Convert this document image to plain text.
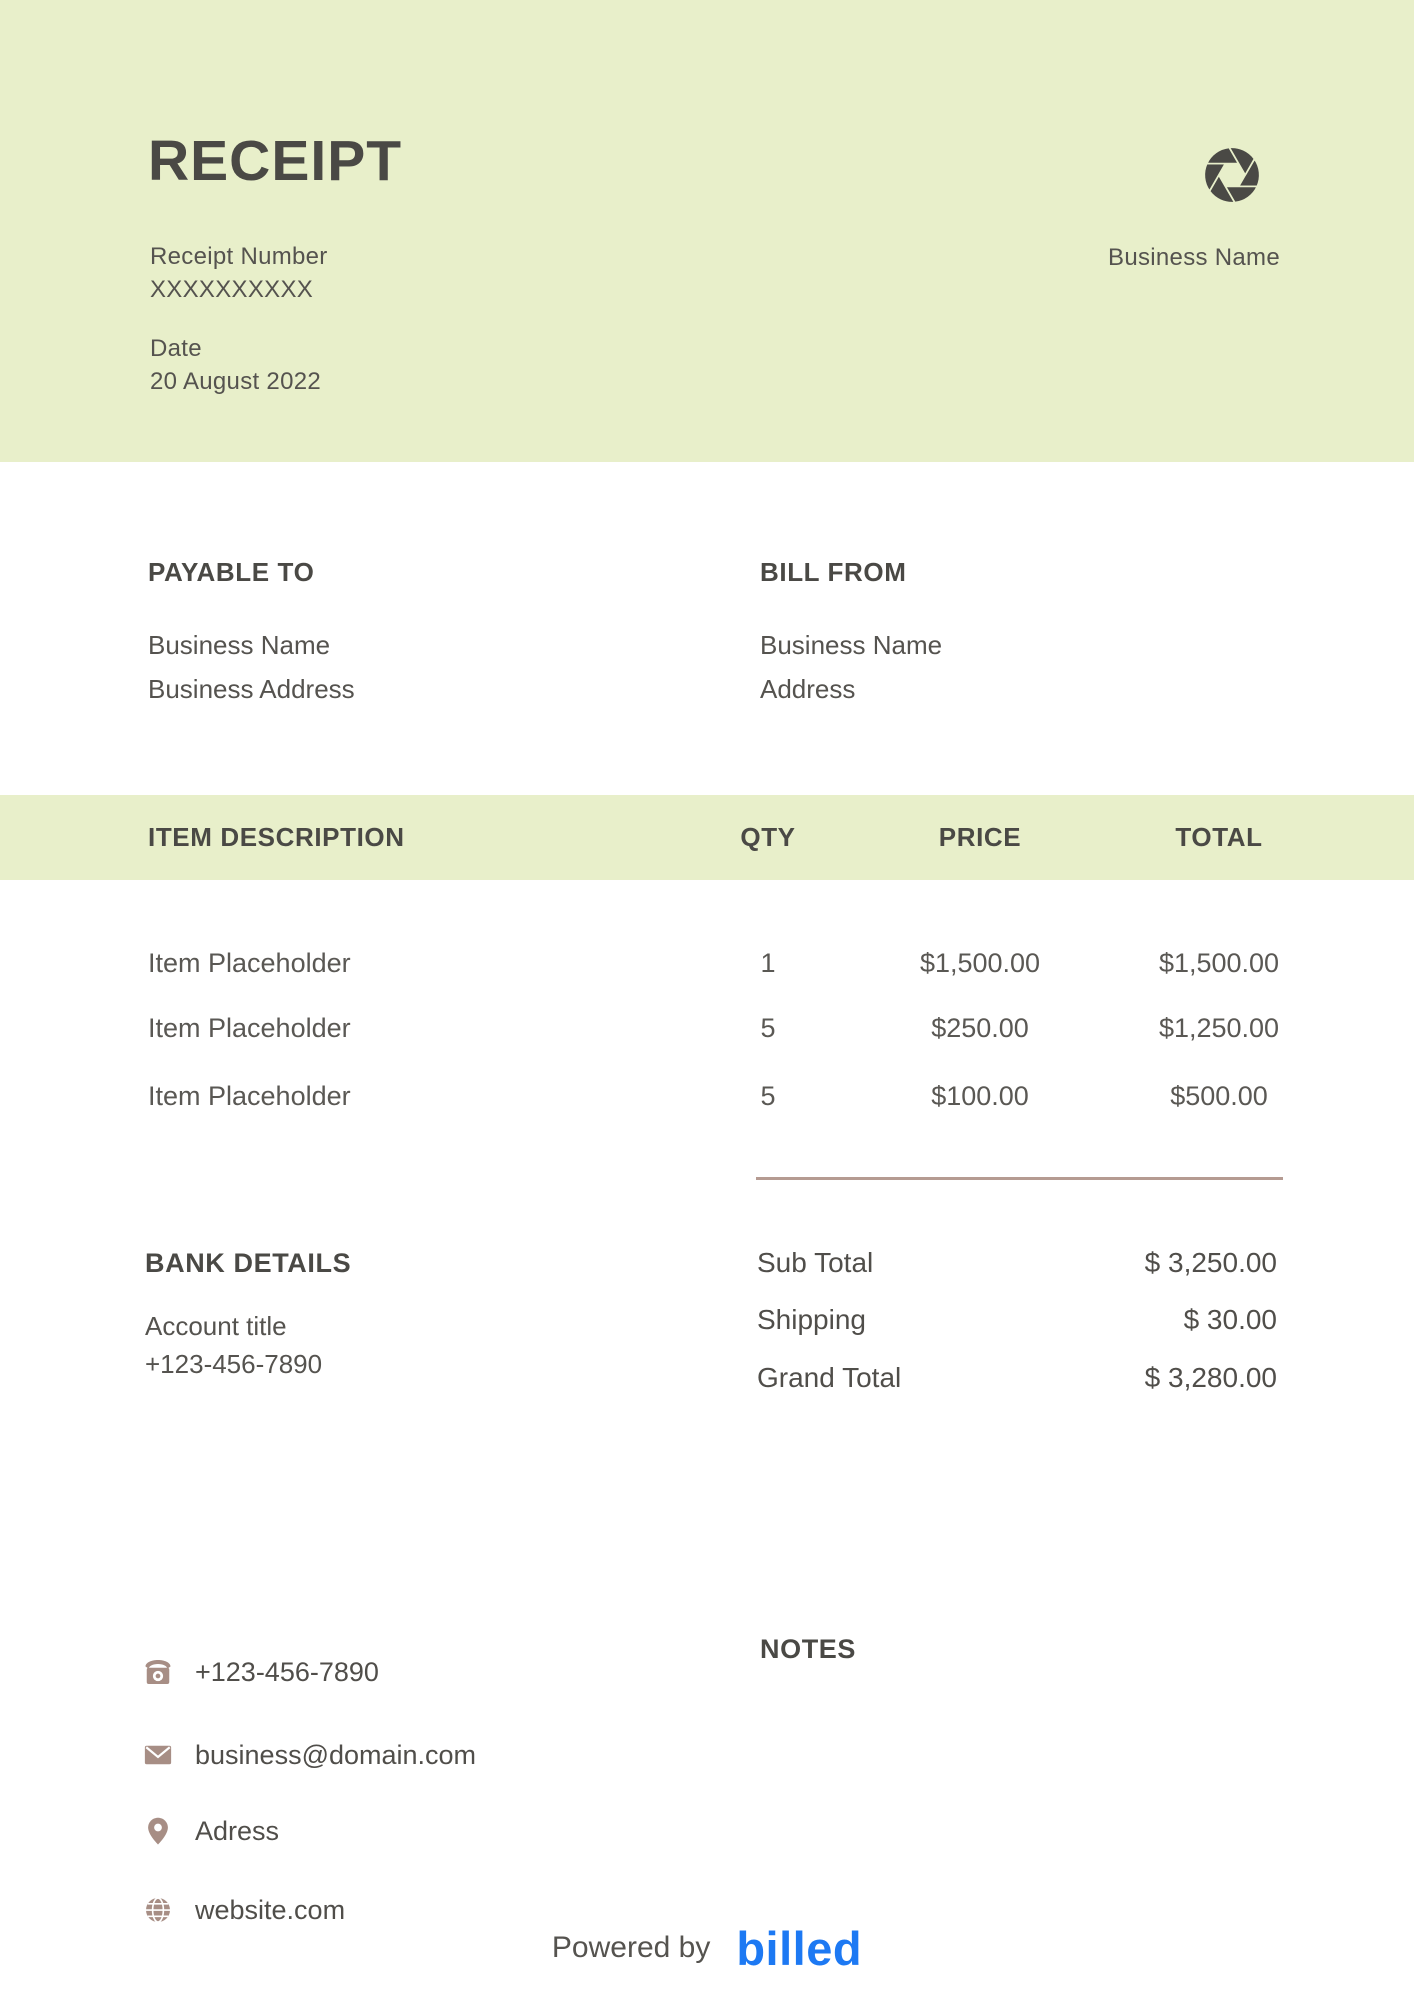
RECEIPT
Receipt Number
XXXXXXXXXX
Date
20 August 2022
Business Name
PAYABLE TO
Business Name
Business Address
BILL FROM
Business Name
Address
ITEM DESCRIPTION	QTY	PRICE	TOTAL
Item Placeholder	1	$1,500.00	$1,500.00
Item Placeholder	5	$250.00	$1,250.00
Item Placeholder	5	$100.00	$500.00
Sub Total	$ 3,250.00
Shipping	$ 30.00
Grand Total	$ 3,280.00
BANK DETAILS
Account title
+123-456-7890
+123-456-7890
business@domain.com
Adress
website.com
NOTES
Powered by billed
